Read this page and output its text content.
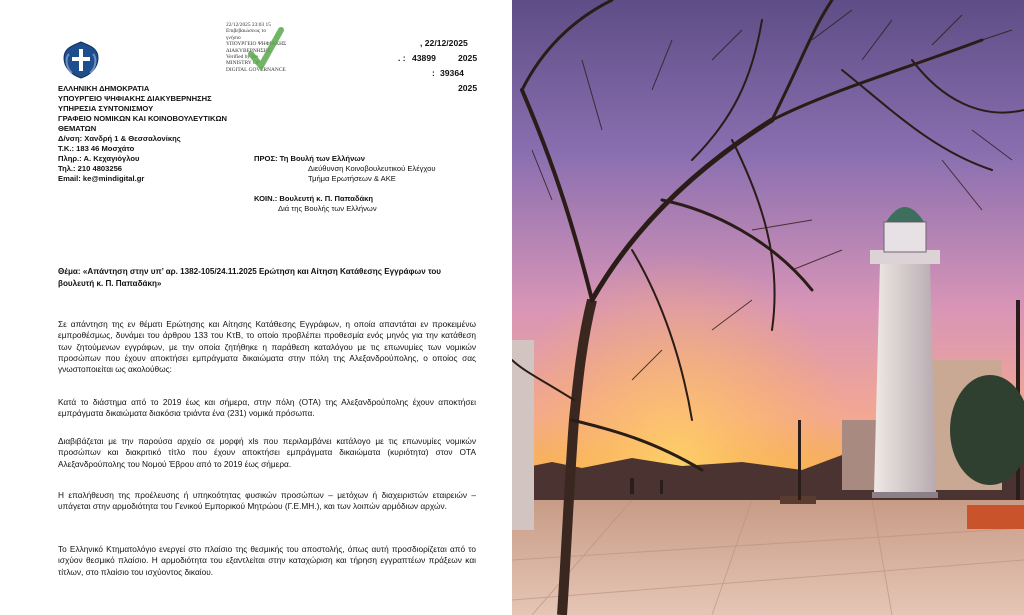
22/12/2025 23:03 15
Επιβεβαιώσεως το
γνήσιο
ΥΠΟΥΡΓΕΙΟ ΨΗΦΙΑΚΗΣ
ΔΙΑΚΥΒΕΡΝΗΣΗΣ
Verified by the
MINISTRY OF
DIGITAL GOVERNANCE
, 22/12/2025
. : 43899	2025
: 39364
2025
ΕΛΛΗΝΙΚΗ ΔΗΜΟΚΡΑΤΙΑ
ΥΠΟΥΡΓΕΙΟ ΨΗΦΙΑΚΗΣ ΔΙΑΚΥΒΕΡΝΗΣΗΣ
ΥΠΗΡΕΣΙΑ ΣΥΝΤΟΝΙΣΜΟΥ
ΓΡΑΦΕΙΟ ΝΟΜΙΚΩΝ ΚΑΙ ΚΟΙΝΟΒΟΥΛΕΥΤΙΚΩΝ
ΘΕΜΑΤΩΝ
Δ/νση: Χανδρή 1 & Θεσσαλονίκης
Τ.Κ.: 183 46 Μοσχάτο
Πληρ.: Α. Κεχαγιόγλου
Τηλ.: 210 4803256
Email: ke@mindigital.gr
ΠΡΟΣ: Τη Βουλή των Ελλήνων
Διεύθυνση Κοινοβουλευτικού Ελέγχου
Τμήμα Ερωτήσεων & ΑΚΕ
ΚΟΙΝ.: Βουλευτή κ. Π. Παπαδάκη
Διά της Βουλής των Ελλήνων
Θέμα: «Απάντηση στην υπ’ αρ. 1382-105/24.11.2025 Ερώτηση και Αίτηση Κατάθεσης Εγγράφων του
βουλευτή κ. Π. Παπαδάκη»
Σε απάντηση της εν θέματι Ερώτησης και Αίτησης Κατάθεσης Εγγράφων, η οποία απαντάται εν προκειμένω εμπροθέσμως, δυνάμει του άρθρου 133 του ΚτΒ, το οποίο προβλέπει προθεσμία ενός μηνός για την κατάθεση των ζητούμενων εγγράφων, με την οποία ζητήθηκε η παράθεση καταλόγου με τις επωνυμίες των νομικών προσώπων που έχουν αποκτήσει εμπράγματα δικαιώματα στην πόλη της Αλεξανδρούπολης, ο οποίος σας γνωστοποιείται ως ακολούθως:
Κατά το διάστημα από το 2019 έως και σήμερα, στην πόλη (ΟΤΑ) της Αλεξανδρούπολης έχουν αποκτήσει εμπράγματα δικαιώματα διακόσια τριάντα ένα (231) νομικά πρόσωπα.
Διαβιβάζεται με την παρούσα αρχείο σε μορφή xls που περιλαμβάνει κατάλογο με τις επωνυμίες νομικών προσώπων και διακριτικό τίτλο που έχουν αποκτήσει εμπράγματα δικαιώματα (κυριότητα) στον ΟΤΑ Αλεξανδρούπολης του Νομού Έβρου από το 2019 έως σήμερα.
Η επαλήθευση της προέλευσης ή υπηκοότητας φυσικών προσώπων – μετόχων ή διαχειριστών εταιρειών – υπάγεται στην αρμοδιότητα του Γενικού Εμπορικού Μητρώου (Γ.Ε.ΜΗ.), και των λοιπών αρμόδιων αρχών.
Το Ελληνικό Κτηματολόγιο ενεργεί στο πλαίσιο της θεσμικής του αποστολής, όπως αυτή προσδιορίζεται από το ισχύον θεσμικό πλαίσιο. Η αρμοδιότητα του εξαντλείται στην καταχώριση και τήρηση εγγραπτέων πράξεων και τίτλων, στο πλαίσιο του ισχύοντος δικαίου.
